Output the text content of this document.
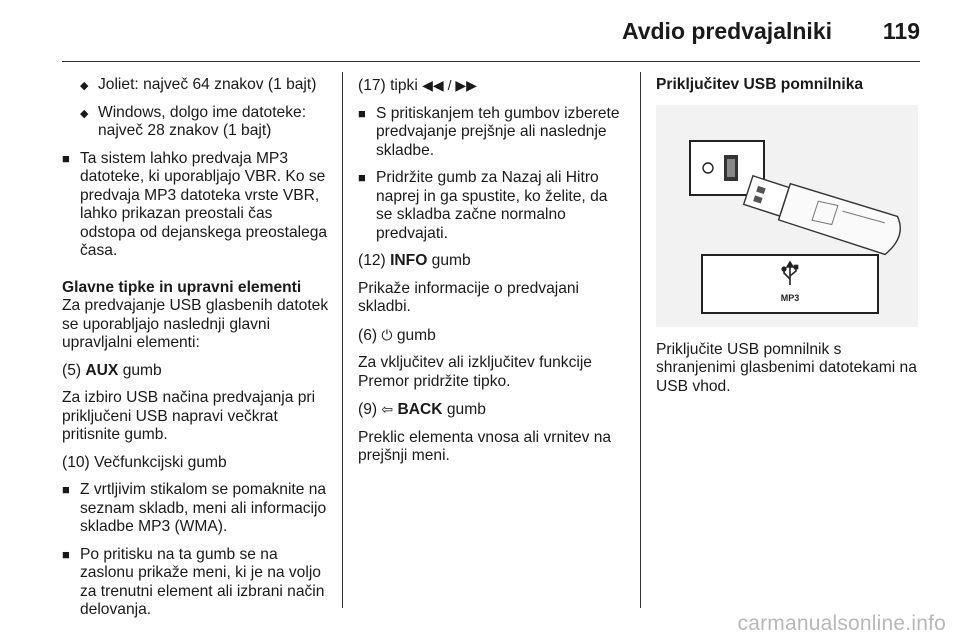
Avdio predvajalniki 119
◆ Joliet: največ 64 znakov (1 bajt)
◆ Windows, dolgo ime datoteke: največ 28 znakov (1 bajt)
■ Ta sistem lahko predvaja MP3 datoteke, ki uporabljajo VBR. Ko se predvaja MP3 datoteka vrste VBR, lahko prikazan preostali čas odstopa od dejanskega preostalega časa.

Glavne tipke in upravni elementi

Za predvajanje USB glasbenih datotek se uporabljajo naslednji glavni upravljalni elementi:

(5) AUX gumb

Za izbiro USB načina predvajanja pri priključeni USB napravi večkrat pritisnite gumb.

(10) Večfunkcijski gumb

■ Z vrtljivim stikalom se pomaknite na seznam skladb, meni ali informacijo skladbe MP3 (WMA).
■ Po pritisku na ta gumb se na zaslonu prikaže meni, ki je na voljo za trenutni element ali izbrani način delovanja.

(17) tipki ◀◀ / ▶▶

■ S pritiskanjem teh gumbov izberete predvajanje prejšnje ali naslednje skladbe.
■ Pridržite gumb za Nazaj ali Hitro naprej in ga spustite, ko želite, da se skladba začne normalno predvajati.

(12) INFO gumb

Prikaže informacije o predvajani skladbi.

(6) ⏻ gumb

Za vključitev ali izključitev funkcije Premor pridržite tipko.

(9) ⇦ BACK gumb

Preklic elementa vnosa ali vrnitev na prejšnji meni.

Priključitev USB pomnilnika

MP3

Priključite USB pomnilnik s shranjenimi glasbenimi datotekami na USB vhod.

carmanualsonline.info
